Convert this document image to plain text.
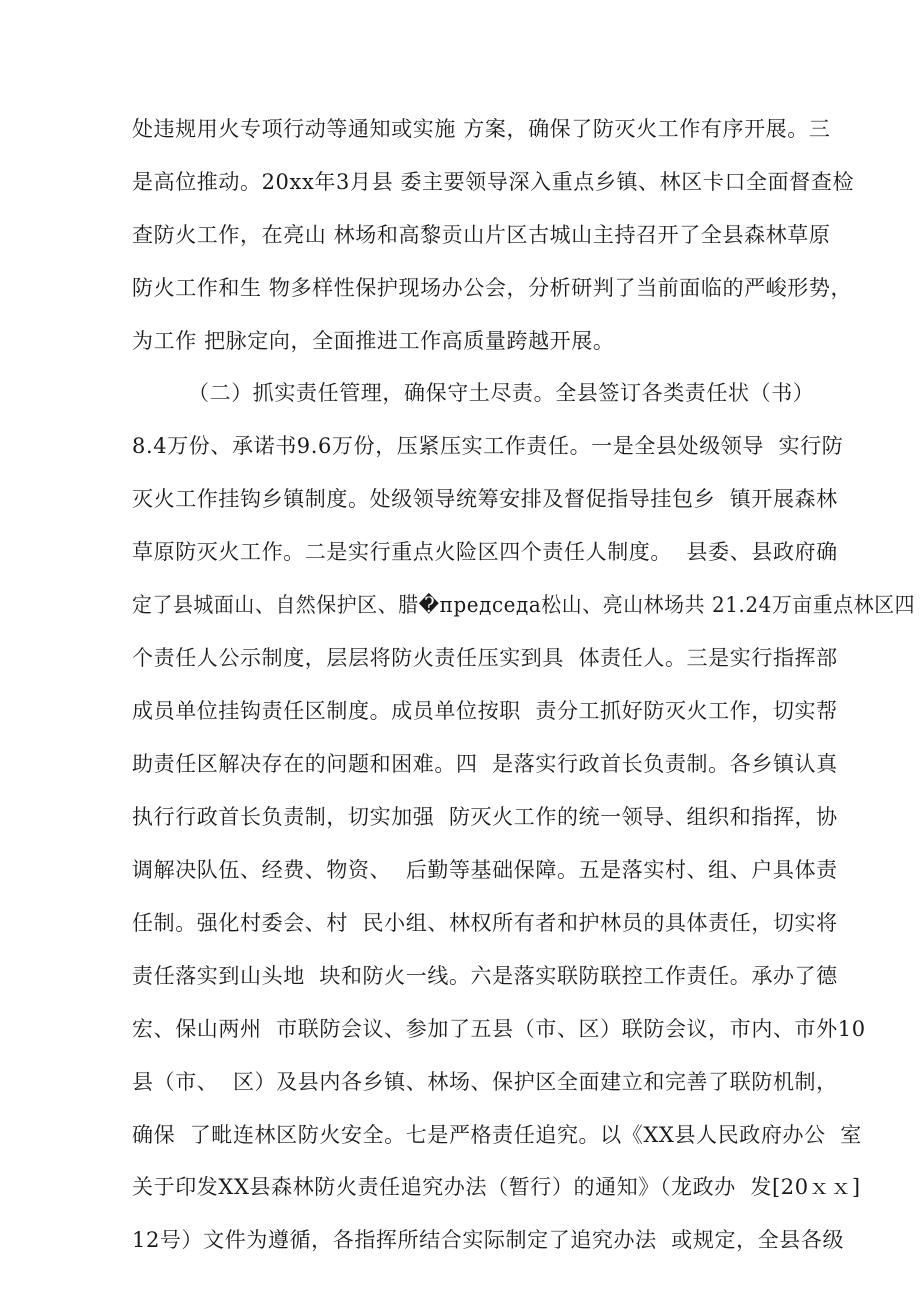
处违规用火专项行动等通知或实施 方案，确保了防灭火工作有序开展。三
是高位推动。20xx年3月县 委主要领导深入重点乡镇、林区卡口全面督查检
查防火工作，在亮山 林场和高黎贡山片区古城山主持召开了全县森林草原
防火工作和生 物多样性保护现场办公会，分析研判了当前面临的严峻形势，
为工作 把脉定向，全面推进工作高质量跨越开展。
（二）抓实责任管理，确保守土尽责。全县签订各类责任状（书）
8.4万份、承诺书9.6万份，压紧压实工作责任。一是全县处级领导  实行防
灭火工作挂钩乡镇制度。处级领导统筹安排及督促指导挂包乡  镇开展森林
草原防灭火工作。二是实行重点火险区四个责任人制度。  县委、县政府确
定了县城面山、自然保护区、腊�председа松山、亮山林场共 21.24万亩重点林区四
个责任人公示制度，层层将防火责任压实到具  体责任人。三是实行指挥部
成员单位挂钩责任区制度。成员单位按职  责分工抓好防灭火工作，切实帮
助责任区解决存在的问题和困难。四  是落实行政首长负责制。各乡镇认真
执行行政首长负责制，切实加强  防灭火工作的统一领导、组织和指挥，协
调解决队伍、经费、物资、  后勤等基础保障。五是落实村、组、户具体责
任制。强化村委会、村  民小组、林权所有者和护林员的具体责任，切实将
责任落实到山头地  块和防火一线。六是落实联防联控工作责任。承办了德
宏、保山两州  市联防会议、参加了五县（市、区）联防会议，市内、市外10
县（市、  区）及县内各乡镇、林场、保护区全面建立和完善了联防机制，
确保  了毗连林区防火安全。七是严格责任追究。以《XX县人民政府办公  室
关于印发XX县森林防火责任追究办法（暂行）的通知》（龙政办  发[20ｘｘ]
12号）文件为遵循，各指挥所结合实际制定了追究办法  或规定，全县各级
